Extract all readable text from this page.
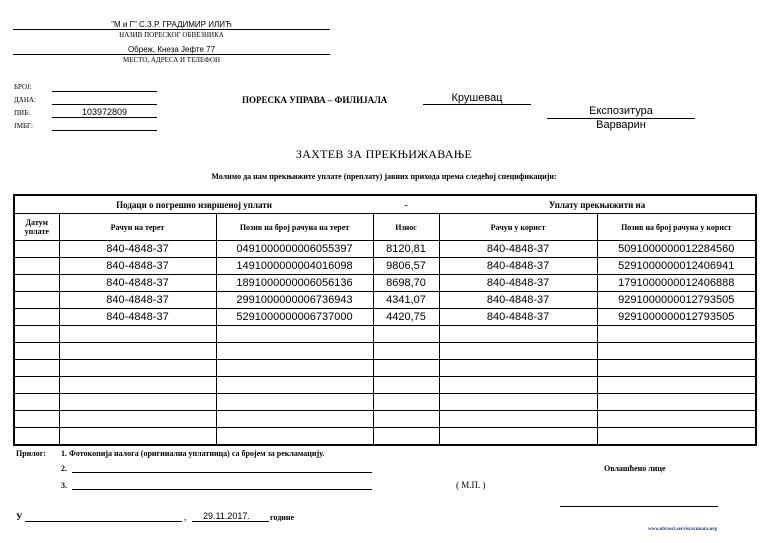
"М и Г" С.З.Р. ГРАДИМИР ИЛИЋ
НАЗИВ ПОРЕСКОГ ОБВЕЗНИКА
Обреж, Кнеза Јефте 77
МЕСТО, АДРЕСА И ТЕЛЕФОН
БРОЈ:
ДАНА:
ПИБ:	103972809
ЈМБГ:
ПОРЕСКА УПРАВА – ФИЛИЈАЛА	Крушевац
Експозитура
Варварин
ЗАХТЕВ ЗА ПРЕКЊИЖАВАЊЕ
Молимо да нам прекњижите уплате (преплату) јавних прихода према следећој спецификацији:
Подаци о погрешно извршеној уплати			-	Уплату прекњижити на	
Датум уплате	Рачун на терет	Позив на број рачуна на терет	Износ	Рачун у корист	Позив на број рачуна у корист
	840-4848-37	0491000000006055397	8120,81	840-4848-37	5091000000012284560
	840-4848-37	1491000000004016098	9806,57	840-4848-37	5291000000012406941
	840-4848-37	1891000000006056136	8698,70	840-4848-37	1791000000012406888
	840-4848-37	2991000000006736943	4341,07	840-4848-37	9291000000012793505
	840-4848-37	5291000000006737000	4420,75	840-4848-37	9291000000012793505

Прилог: 1. Фотокопија налога (оригинална уплатница) са бројем за рекламацију.
2.
3.
Овлашћено лице
( М.П. )
У	, 29.11.2017.	године
www.obrasci.servisracunara.org
